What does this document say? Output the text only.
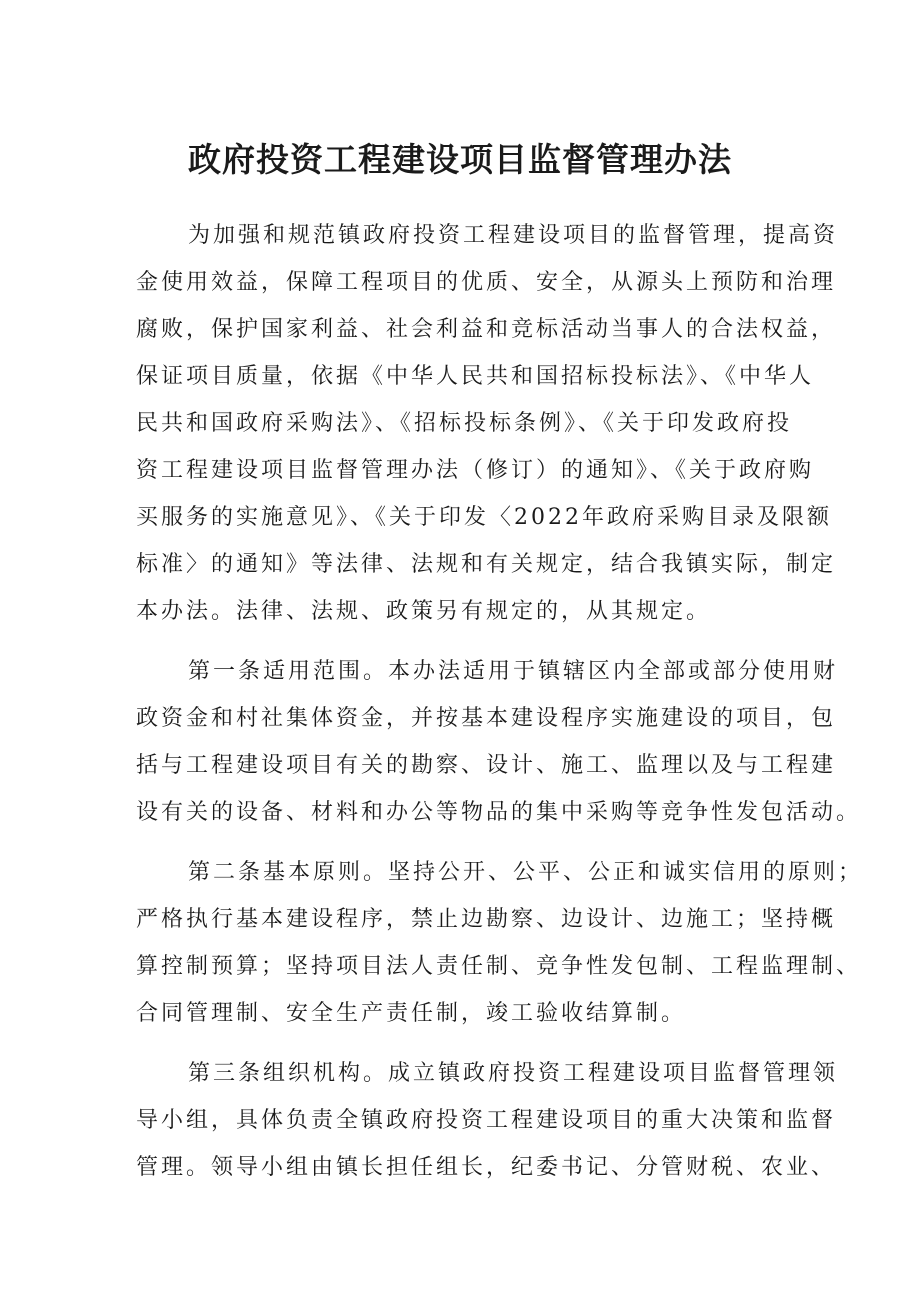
政府投资工程建设项目监督管理办法

为加强和规范镇政府投资工程建设项目的监督管理，提高资
金使用效益，保障工程项目的优质、安全，从源头上预防和治理
腐败，保护国家利益、社会利益和竞标活动当事人的合法权益，
保证项目质量，依据《中华人民共和国招标投标法》、《中华人
民共和国政府采购法》、《招标投标条例》、《关于印发政府投
资工程建设项目监督管理办法（修订）的通知》、《关于政府购
买服务的实施意见》、《关于印发〈2022年政府采购目录及限额
标准〉的通知》等法律、法规和有关规定，结合我镇实际，制定
本办法。法律、法规、政策另有规定的，从其规定。

第一条适用范围。本办法适用于镇辖区内全部或部分使用财
政资金和村社集体资金，并按基本建设程序实施建设的项目，包
括与工程建设项目有关的勘察、设计、施工、监理以及与工程建
设有关的设备、材料和办公等物品的集中采购等竞争性发包活动。

第二条基本原则。坚持公开、公平、公正和诚实信用的原则；
严格执行基本建设程序，禁止边勘察、边设计、边施工；坚持概
算控制预算；坚持项目法人责任制、竞争性发包制、工程监理制、
合同管理制、安全生产责任制，竣工验收结算制。

第三条组织机构。成立镇政府投资工程建设项目监督管理领
导小组，具体负责全镇政府投资工程建设项目的重大决策和监督
管理。领导小组由镇长担任组长，纪委书记、分管财税、农业、
